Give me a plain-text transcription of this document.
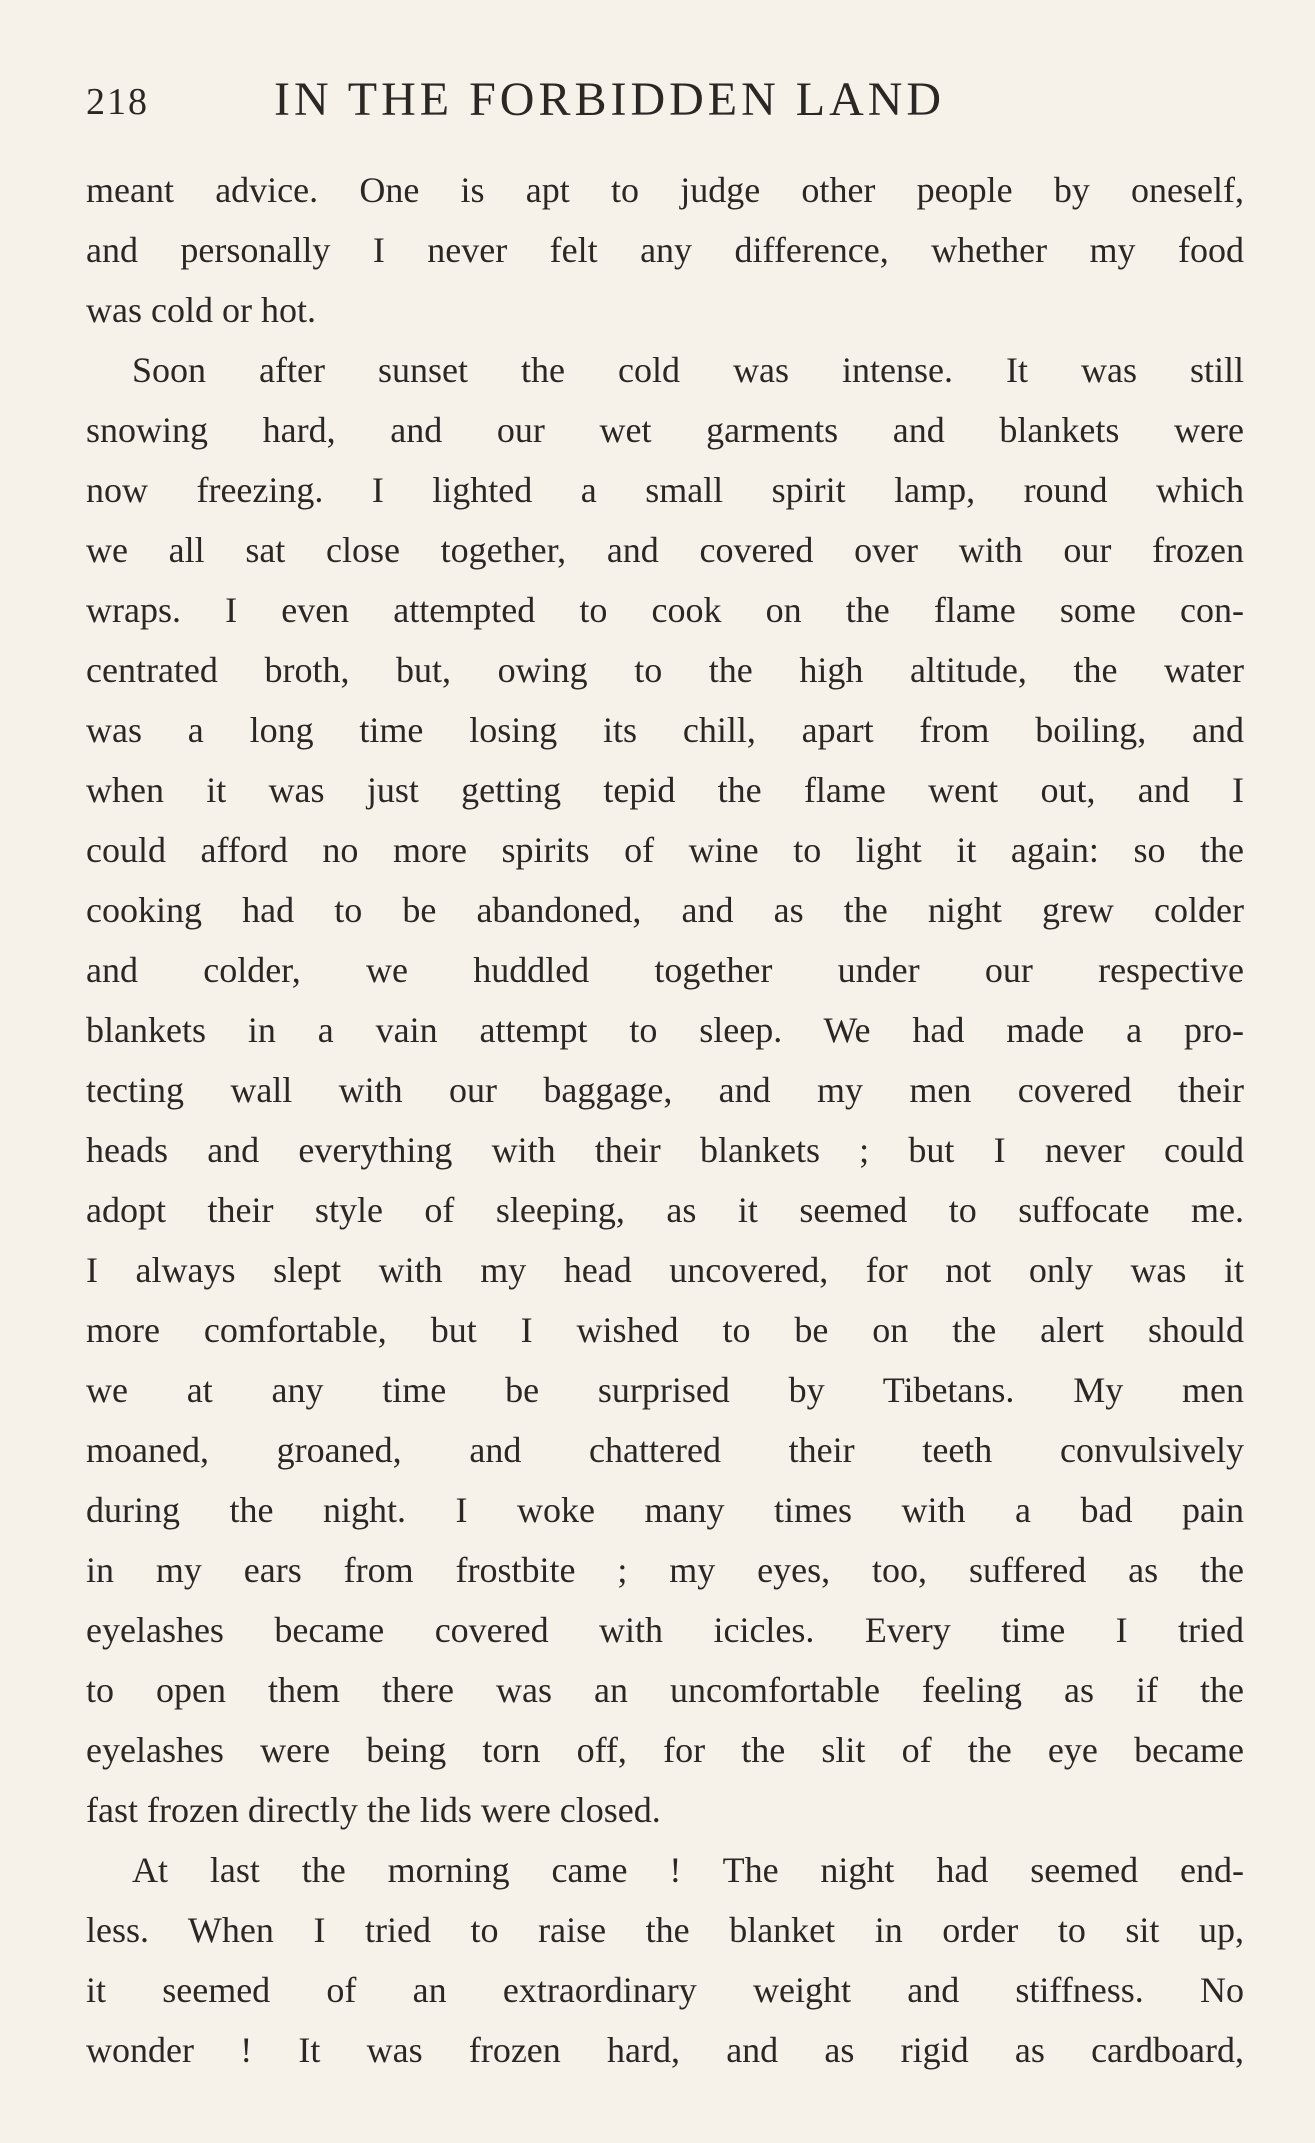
218	IN THE FORBIDDEN LAND
meant advice. One is apt to judge other people by oneself,
and personally I never felt any difference, whether my food
was cold or hot.
Soon after sunset the cold was intense. It was still
snowing hard, and our wet garments and blankets were
now freezing. I lighted a small spirit lamp, round which
we all sat close together, and covered over with our frozen
wraps. I even attempted to cook on the flame some con-
centrated broth, but, owing to the high altitude, the water
was a long time losing its chill, apart from boiling, and
when it was just getting tepid the flame went out, and I
could afford no more spirits of wine to light it again: so the
cooking had to be abandoned, and as the night grew colder
and colder, we huddled together under our respective
blankets in a vain attempt to sleep. We had made a pro-
tecting wall with our baggage, and my men covered their
heads and everything with their blankets ; but I never could
adopt their style of sleeping, as it seemed to suffocate me.
I always slept with my head uncovered, for not only was it
more comfortable, but I wished to be on the alert should
we at any time be surprised by Tibetans. My men
moaned, groaned, and chattered their teeth convulsively
during the night. I woke many times with a bad pain
in my ears from frostbite ; my eyes, too, suffered as the
eyelashes became covered with icicles. Every time I tried
to open them there was an uncomfortable feeling as if the
eyelashes were being torn off, for the slit of the eye became
fast frozen directly the lids were closed.
At last the morning came ! The night had seemed end-
less. When I tried to raise the blanket in order to sit up,
it seemed of an extraordinary weight and stiffness. No
wonder ! It was frozen hard, and as rigid as cardboard,
